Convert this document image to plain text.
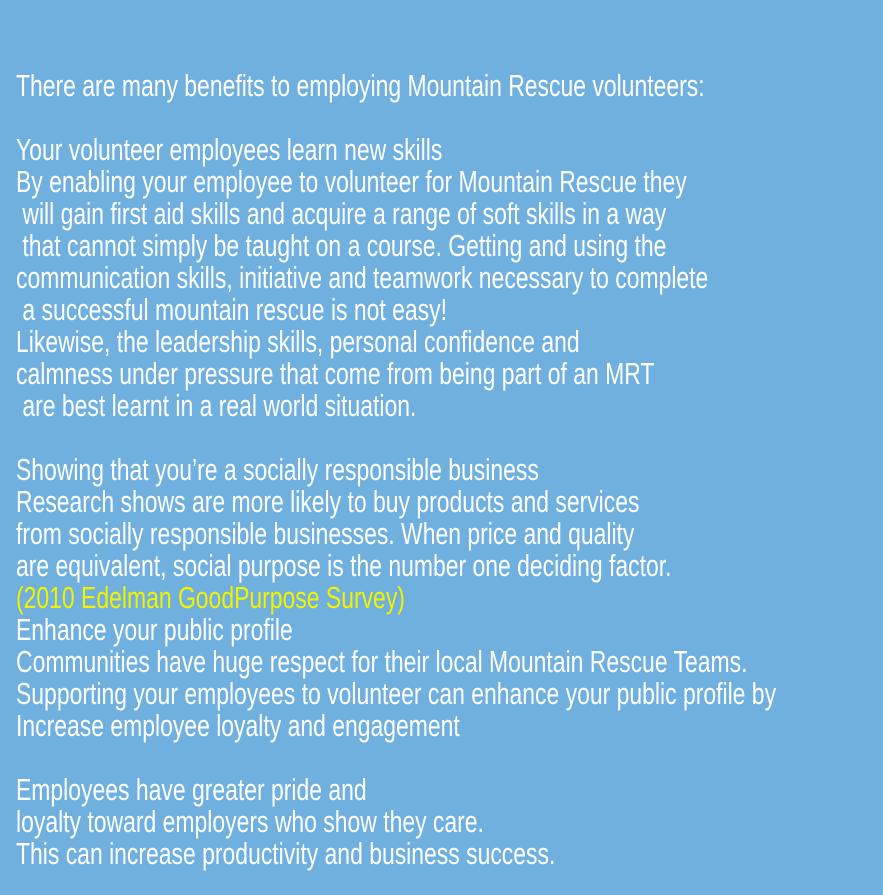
There are many benefits to employing Mountain Rescue volunteers:
Your volunteer employees learn new skills
By enabling your employee to volunteer for Mountain Rescue they
will gain first aid skills and acquire a range of soft skills in a way
that cannot simply be taught on a course. Getting and using the
communication skills, initiative and teamwork necessary to complete
a successful mountain rescue is not easy!
Likewise, the leadership skills, personal confidence and
calmness under pressure that come from being part of an MRT
are best learnt in a real world situation.
Showing that you’re a socially responsible business
Research shows are more likely to buy products and services
from socially responsible businesses. When price and quality
are equivalent, social purpose is the number one deciding factor.
(2010 Edelman GoodPurpose Survey)
Enhance your public profile
Communities have huge respect for their local Mountain Rescue Teams.
Supporting your employees to volunteer can enhance your public profile by
Increase employee loyalty and engagement
Employees have greater pride and
loyalty toward employers who show they care.
This can increase productivity and business success.
